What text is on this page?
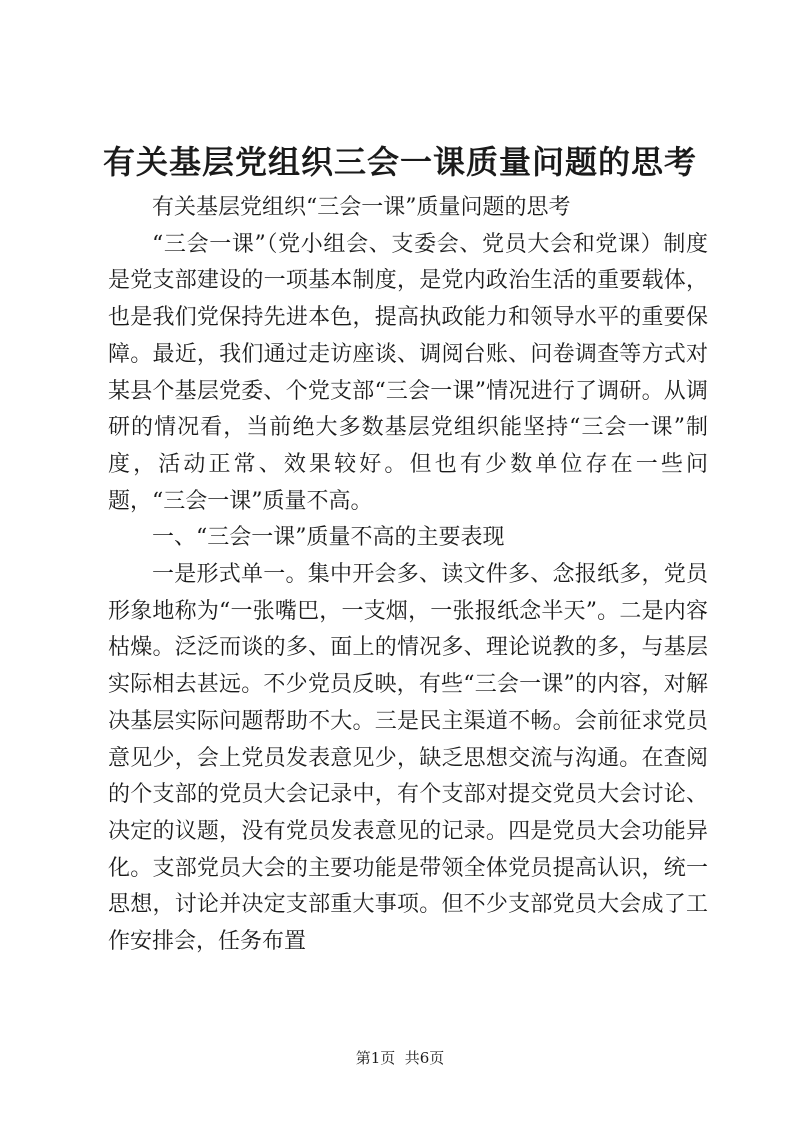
有关基层党组织三会一课质量问题的思考

有关基层党组织“三会一课”质量问题的思考

“三会一课”（党小组会、支委会、党员大会和党课）制度是党支部建设的一项基本制度，是党内政治生活的重要载体，也是我们党保持先进本色，提高执政能力和领导水平的重要保障。最近，我们通过走访座谈、调阅台账、问卷调查等方式对某县个基层党委、个党支部“三会一课”情况进行了调研。从调研的情况看，当前绝大多数基层党组织能坚持“三会一课”制度，活动正常、效果较好。但也有少数单位存在一些问题，“三会一课”质量不高。

一、“三会一课”质量不高的主要表现

一是形式单一。集中开会多、读文件多、念报纸多，党员形象地称为“一张嘴巴，一支烟，一张报纸念半天”。二是内容枯燥。泛泛而谈的多、面上的情况多、理论说教的多，与基层实际相去甚远。不少党员反映，有些“三会一课”的内容，对解决基层实际问题帮助不大。三是民主渠道不畅。会前征求党员意见少，会上党员发表意见少，缺乏思想交流与沟通。在查阅的个支部的党员大会记录中，有个支部对提交党员大会讨论、决定的议题，没有党员发表意见的记录。四是党员大会功能异化。支部党员大会的主要功能是带领全体党员提高认识，统一思想，讨论并决定支部重大事项。但不少支部党员大会成了工作安排会，任务布置

第1页  共6页
